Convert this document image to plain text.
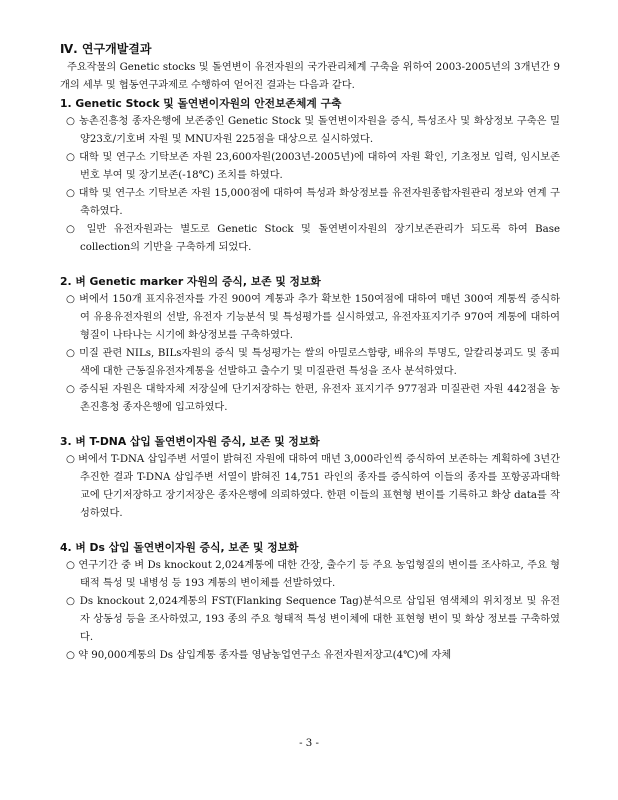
Ⅳ. 연구개발결과

주요작물의 Genetic stocks 및 돌연변이 유전자원의 국가관리체계 구축을 위하여 2003-2005년의 3개년간 9개의 세부 및 협동연구과제로 수행하여 얻어진 결과는 다음과 같다.

1. Genetic Stock 및 돌연변이자원의 안전보존체계 구축

○ 농촌진흥청 종자은행에 보존중인 Genetic Stock 및 돌연변이자원을 증식, 특성조사 및 화상정보 구축은 밀양23호/기호벼 자원 및 MNU자원 225점을 대상으로 실시하였다.

○ 대학 및 연구소 기탁보존 자원 23,600자원(2003년-2005년)에 대하여 자원 확인, 기초정보 입력, 임시보존번호 부여 및 장기보존(-18℃) 조치를 하였다.

○ 대학 및 연구소 기탁보존 자원 15,000점에 대하여 특성과 화상정보를 유전자원종합자원관리 정보와 연계 구축하였다.

○ 일반 유전자원과는 별도로 Genetic Stock 및 돌연변이자원의 장기보존관리가 되도록 하여 Base collection의 기반을 구축하게 되었다.

2. 벼 Genetic marker 자원의 증식, 보존 및 정보화

○ 벼에서 150개 표지유전자를 가진 900여 계통과 추가 확보한 150여점에 대하여 매년 300여 계통씩 증식하여 유용유전자원의 선발, 유전자 기능분석 및 특성평가를 실시하였고, 유전자표지기주 970여 계통에 대하여 형질이 나타나는 시기에 화상정보를 구축하였다.

○ 미질 관련 NILs, BILs자원의 증식 및 특성평가는 쌀의 아밀로스함량, 배유의 투명도, 알칼리붕괴도 및 종피색에 대한 근동질유전자계통을 선발하고 출수기 및 미질관련 특성을 조사 분석하였다.

○ 증식된 자원은 대학자체 저장실에 단기저장하는 한편, 유전자 표지기주 977점과 미질관련 자원 442점을 농촌진흥청 종자은행에 입고하였다.

3. 벼 T-DNA 삽입 돌연변이자원 증식, 보존 및 정보화

○ 벼에서 T-DNA 삽입주변 서열이 밝혀진 자원에 대하여 매년 3,000라인씩 증식하여 보존하는 계획하에 3년간 추진한 결과 T-DNA 삽입주변 서열이 밝혀진 14,751 라인의 종자를 증식하여 이들의 종자를 포항공과대학교에 단기저장하고 장기저장은 종자은행에 의뢰하였다. 한편 이들의 표현형 변이를 기록하고 화상 data를 작성하였다.

4. 벼 Ds 삽입 돌연변이자원 증식, 보존 및 정보화

○ 연구기간 중 벼 Ds knockout 2,024계통에 대한 간장, 출수기 등 주요 농업형질의 변이를 조사하고, 주요 형태적 특성 및 내병성 등 193 계통의 변이체를 선발하였다.

○ Ds knockout 2,024계통의 FST(Flanking Sequence Tag)분석으로 삽입된 염색체의 위치정보 및 유전자 상동성 등을 조사하였고, 193 종의 주요 형태적 특성 변이체에 대한 표현형 변이 및 화상 정보를 구축하였다.

○ 약 90,000계통의 Ds 삽입계통 종자를 영남농업연구소 유전자원저장고(4℃)에 자체

- 3 -
